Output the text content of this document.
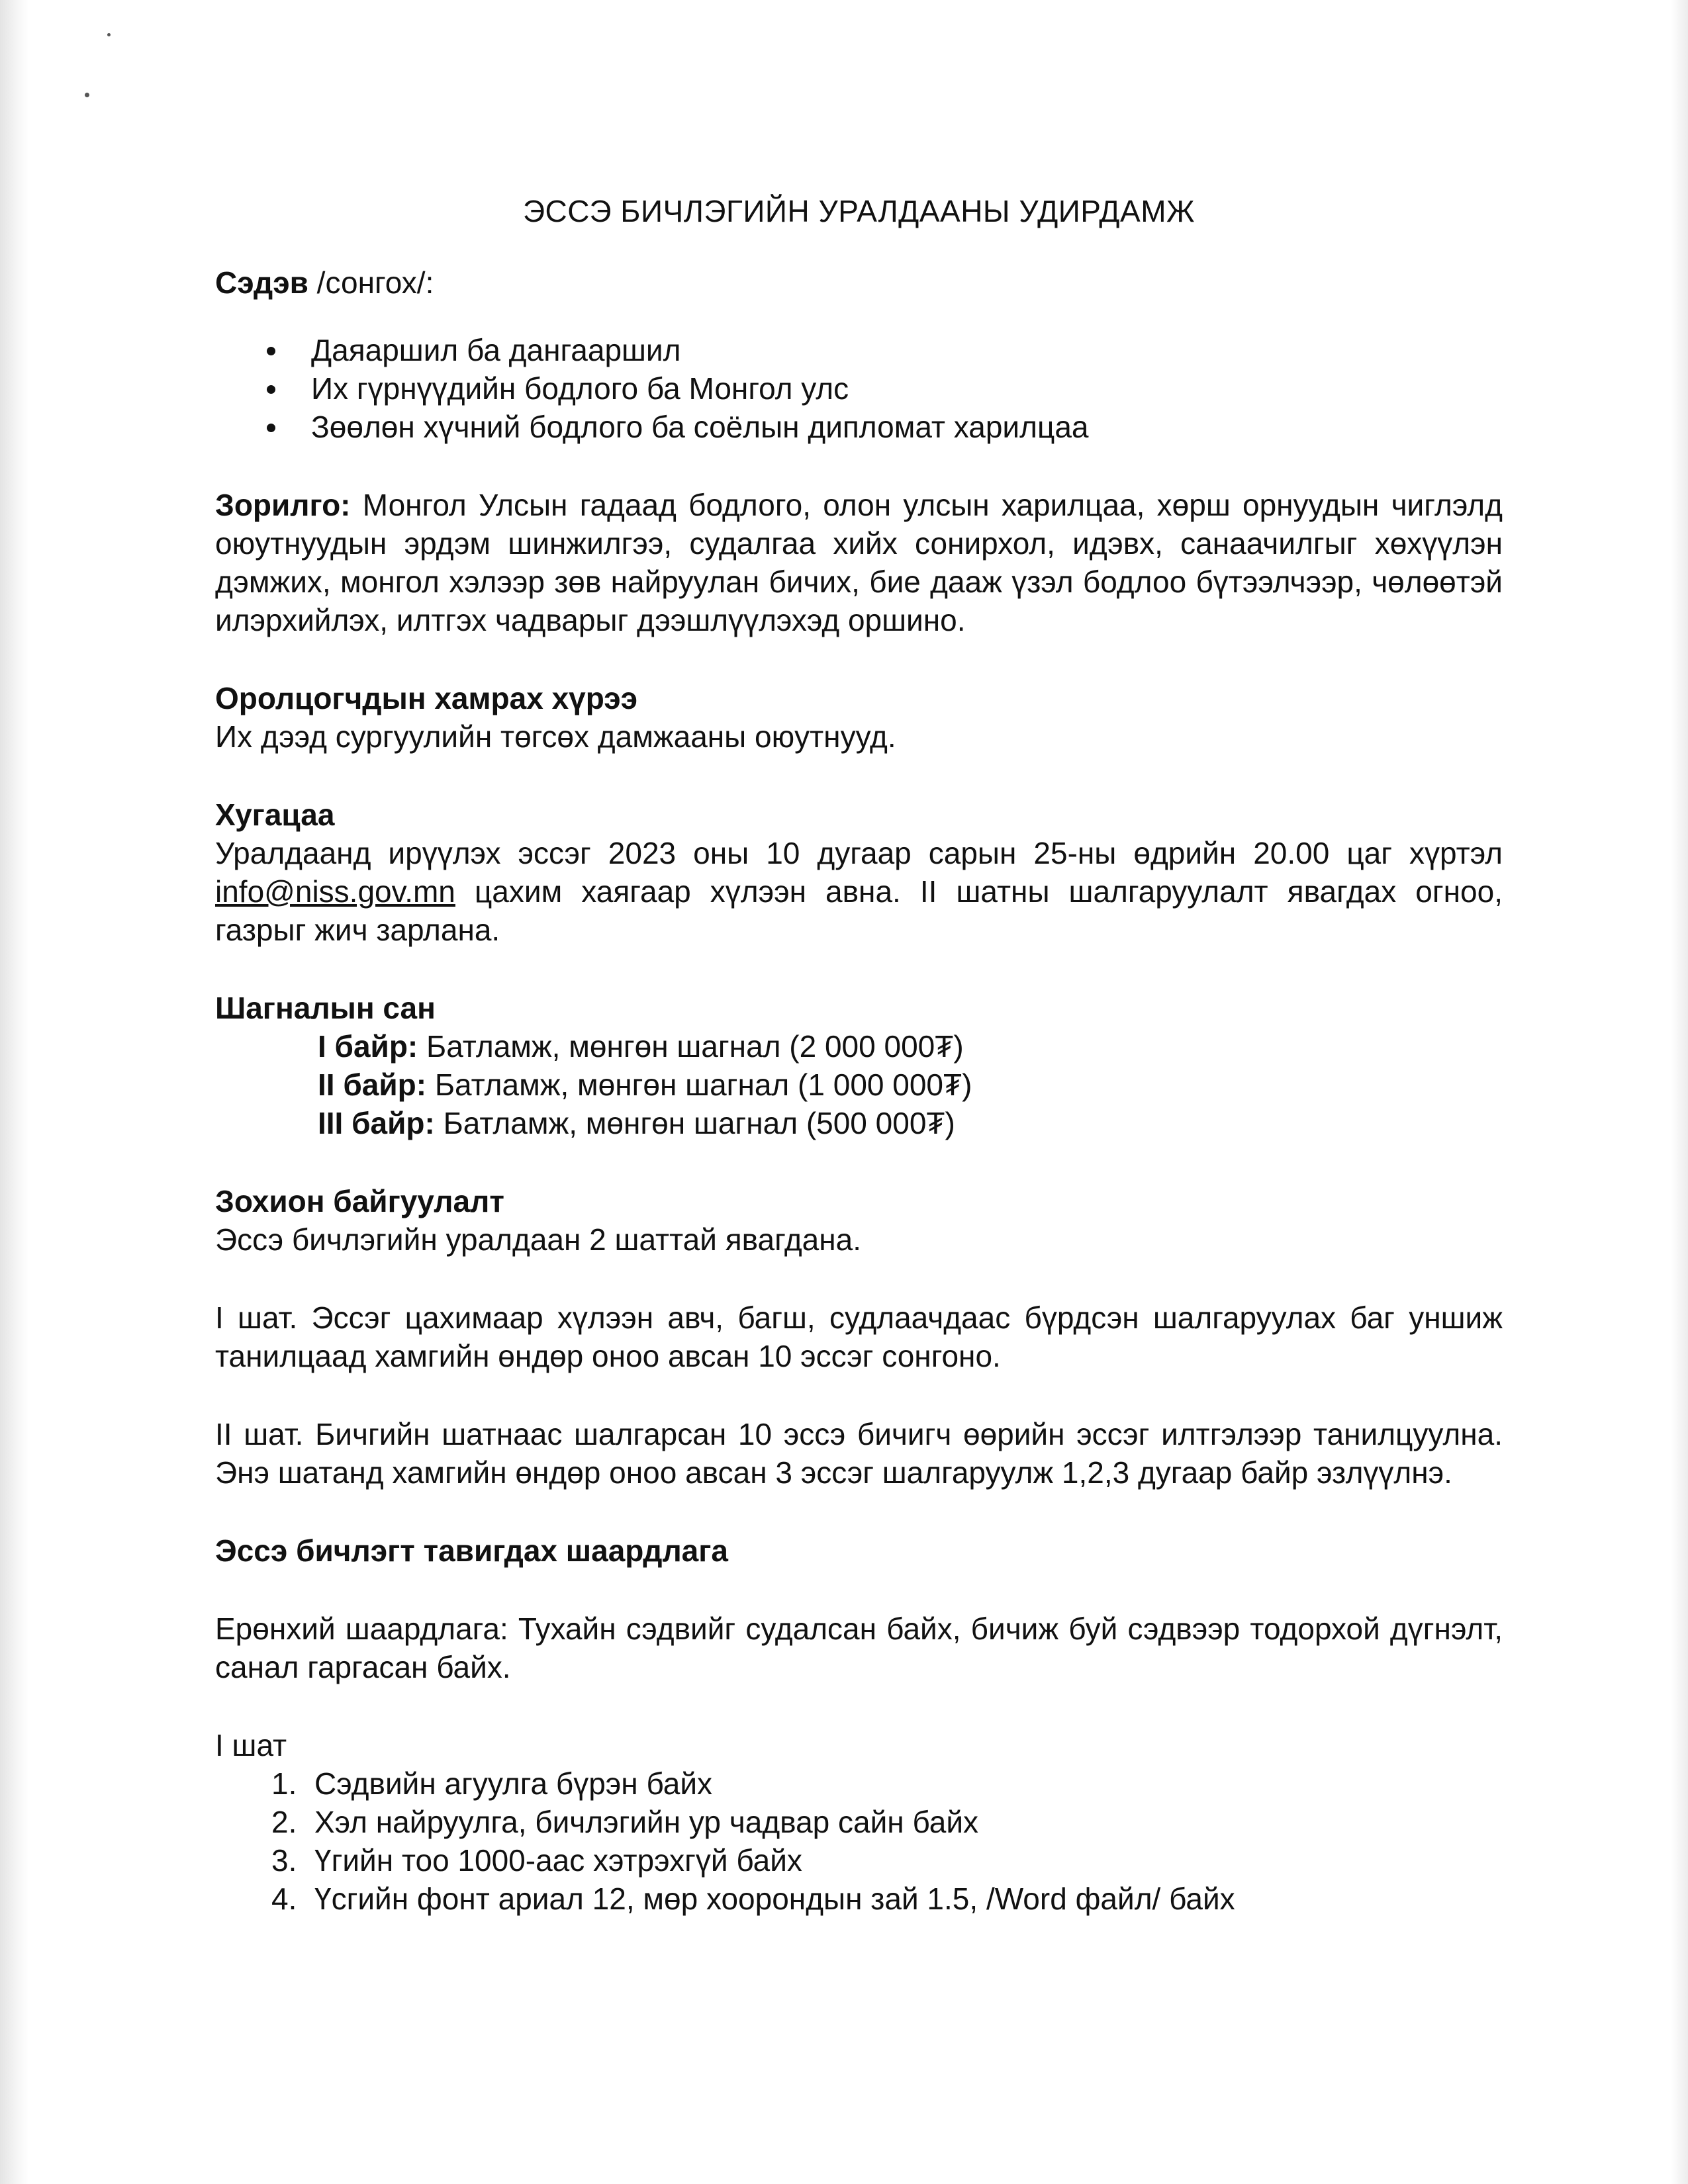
ЭССЭ БИЧЛЭГИЙН УРАЛДААНЫ УДИРДАМЖ

Сэдэв /сонгох/:

Даяаршил ба дангааршил
Их гүрнүүдийн бодлого ба Монгол улс
Зөөлөн хүчний бодлого ба соёлын дипломат харилцаа

Зорилго: Монгол Улсын гадаад бодлого, олон улсын харилцаа, хөрш орнуудын чиглэлд оюутнуудын эрдэм шинжилгээ, судалгаа хийх сонирхол, идэвх, санаачилгыг хөхүүлэн дэмжих, монгол хэлээр зөв найруулан бичих, бие дааж үзэл бодлоо бүтээлчээр, чөлөөтэй илэрхийлэх, илтгэх чадварыг дээшлүүлэхэд оршино.

Оролцогчдын хамрах хүрээ

Их дээд сургуулийн төгсөх дамжааны оюутнууд.

Хугацаа

Уралдаанд ирүүлэх эссэг 2023 оны 10 дугаар сарын 25-ны өдрийн 20.00 цаг хүртэл info@niss.gov.mn цахим хаягаар хүлээн авна. II шатны шалгаруулалт явагдах огноо, газрыг жич зарлана.

Шагналын сан

I байр: Батламж, мөнгөн шагнал (2 000 000₮)
II байр: Батламж, мөнгөн шагнал (1 000 000₮)
III байр: Батламж, мөнгөн шагнал (500 000₮)

Зохион байгуулалт

Эссэ бичлэгийн уралдаан 2 шаттай явагдана.

I шат. Эссэг цахимаар хүлээн авч, багш, судлаачдаас бүрдсэн шалгаруулах баг уншиж танилцаад хамгийн өндөр оноо авсан 10 эссэг сонгоно.

II шат. Бичгийн шатнаас шалгарсан 10 эссэ бичигч өөрийн эссэг илтгэлээр танилцуулна. Энэ шатанд хамгийн өндөр оноо авсан 3 эссэг шалгаруулж 1,2,3 дугаар байр эзлүүлнэ.

Эссэ бичлэгт тавигдах шаардлага

Ерөнхий шаардлага: Тухайн сэдвийг судалсан байх, бичиж буй сэдвээр тодорхой дүгнэлт, санал гаргасан байх.

I шат

1. Сэдвийн агуулга бүрэн байх
2. Хэл найруулга, бичлэгийн ур чадвар сайн байх
3. Үгийн тоо 1000-аас хэтрэхгүй байх
4. Үсгийн фонт ариал 12, мөр хоорондын зай 1.5, /Word файл/ байх
